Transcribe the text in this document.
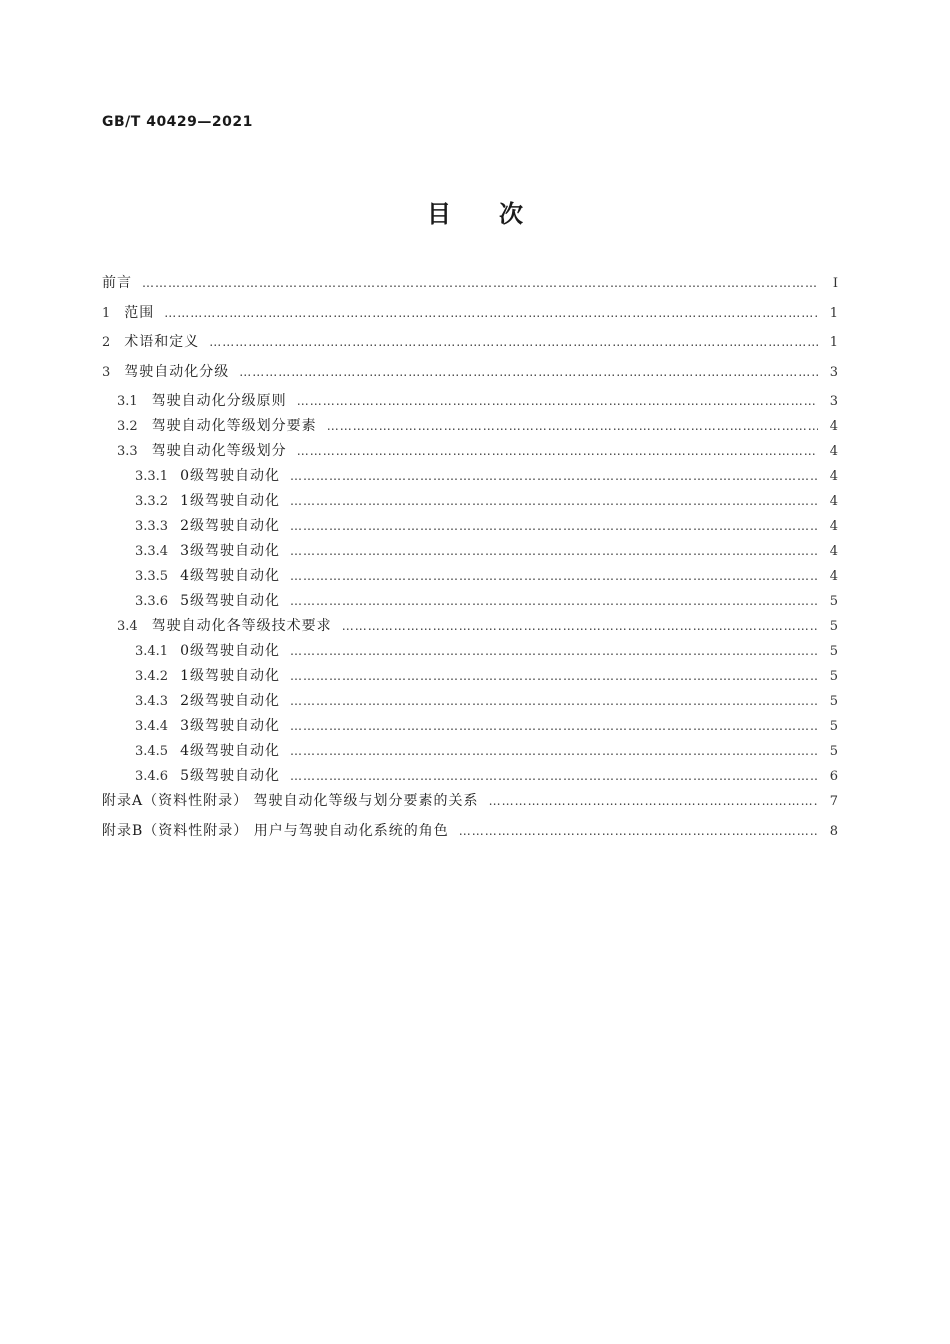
GB/T 40429—2021
目次
前言 ……………………………………………………………………………………………………………………………………………………………………………………	Ⅰ
1 范围 ……………………………………………………………………………………………………………………………………………………………………………………	1
2 术语和定义 ……………………………………………………………………………………………………………………………………………………………………………………	1
3 驾驶自动化分级 ……………………………………………………………………………………………………………………………………………………………………………………	3
3.1 驾驶自动化分级原则 ……………………………………………………………………………………………………………………………………………………………………………………	3
3.2 驾驶自动化等级划分要素 ……………………………………………………………………………………………………………………………………………………………………………………	4
3.3 驾驶自动化等级划分 ……………………………………………………………………………………………………………………………………………………………………………………	4
3.3.1 0级驾驶自动化 ……………………………………………………………………………………………………………………………………………………………………………………	4
3.3.2 1级驾驶自动化 ……………………………………………………………………………………………………………………………………………………………………………………	4
3.3.3 2级驾驶自动化 ……………………………………………………………………………………………………………………………………………………………………………………	4
3.3.4 3级驾驶自动化 ……………………………………………………………………………………………………………………………………………………………………………………	4
3.3.5 4级驾驶自动化 ……………………………………………………………………………………………………………………………………………………………………………………	4
3.3.6 5级驾驶自动化 ……………………………………………………………………………………………………………………………………………………………………………………	5
3.4 驾驶自动化各等级技术要求 ……………………………………………………………………………………………………………………………………………………………………………………	5
3.4.1 0级驾驶自动化 ……………………………………………………………………………………………………………………………………………………………………………………	5
3.4.2 1级驾驶自动化 ……………………………………………………………………………………………………………………………………………………………………………………	5
3.4.3 2级驾驶自动化 ……………………………………………………………………………………………………………………………………………………………………………………	5
3.4.4 3级驾驶自动化 ……………………………………………………………………………………………………………………………………………………………………………………	5
3.4.5 4级驾驶自动化 ……………………………………………………………………………………………………………………………………………………………………………………	5
3.4.6 5级驾驶自动化 ……………………………………………………………………………………………………………………………………………………………………………………	6
附录A（资料性附录） 驾驶自动化等级与划分要素的关系 ……………………………………………………………………………………………………………………………………………………………………………………	7
附录B（资料性附录） 用户与驾驶自动化系统的角色 ……………………………………………………………………………………………………………………………………………………………………………………	8
